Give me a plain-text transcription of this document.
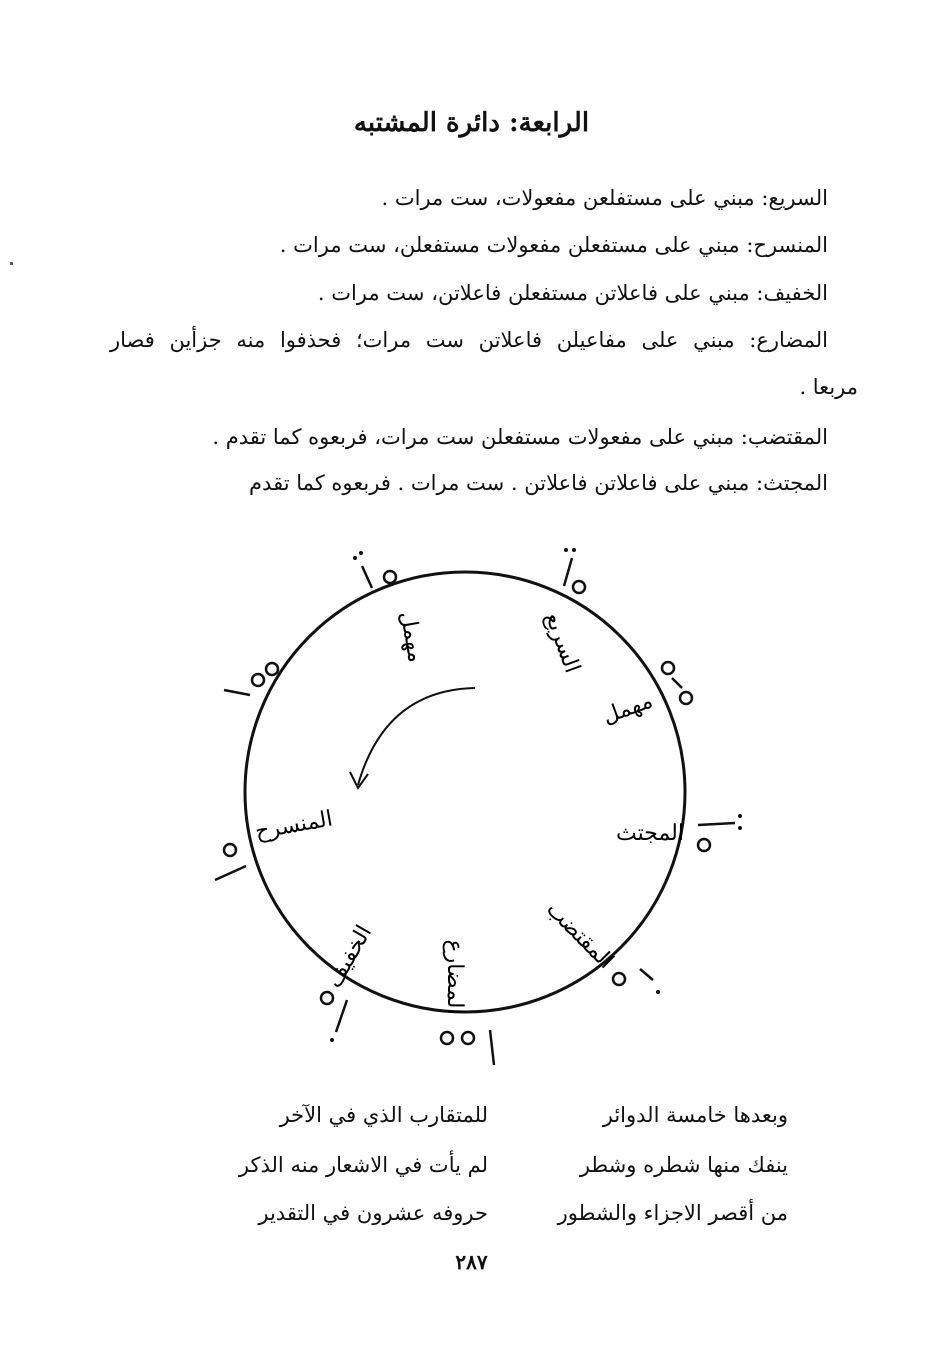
الرابعة: دائرة المشتبه
السريع: مبني على مستفلعن مفعولات، ست مرات .
المنسرح: مبني على مستفعلن مفعولات مستفعلن، ست مرات .
الخفيف: مبني على فاعلاتن مستفعلن فاعلاتن، ست مرات .
المضارع: مبني على مفاعيلن فاعلاتن ست مرات؛ فحذفوا منه جزأين فصار
مربعا .
المقتضب: مبني على مفعولات مستفعلن ست مرات، فربعوه كما تقدم .
المجتث: مبني على فاعلاتن فاعلاتن . ست مرات . فربعوه كما تقدم
السريع
مهمل
المجتث
المقتضب
المضارع
الخفيف
المنسرح
مهمل
وبعدها خامسة الدوائر
للمتقارب الذي في الآخر
ينفك منها شطره وشطر
لم يأت في الاشعار منه الذكر
من أقصر الاجزاء والشطور
حروفه عشرون في التقدير
٢٨٧
